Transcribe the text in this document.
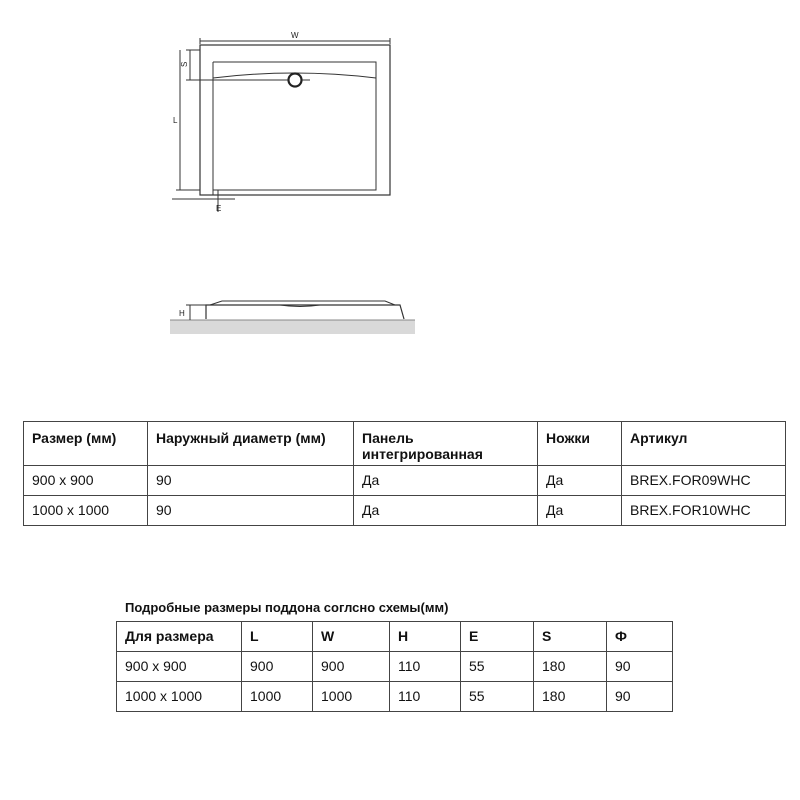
W
S
L
E
H
Размер (мм)	Наружный диаметр (мм)	Панель интегрированная	Ножки	Артикул
900 x 900	90	Да	Да	BREX.FOR09WHC
1000 x 1000	90	Да	Да	BREX.FOR10WHC
Подробные размеры поддона соглсно схемы(мм)
Для размера	L	W	H	E	S	Ф
900 x 900	900	900	110	55	180	90
1000 x 1000	1000	1000	110	55	180	90
